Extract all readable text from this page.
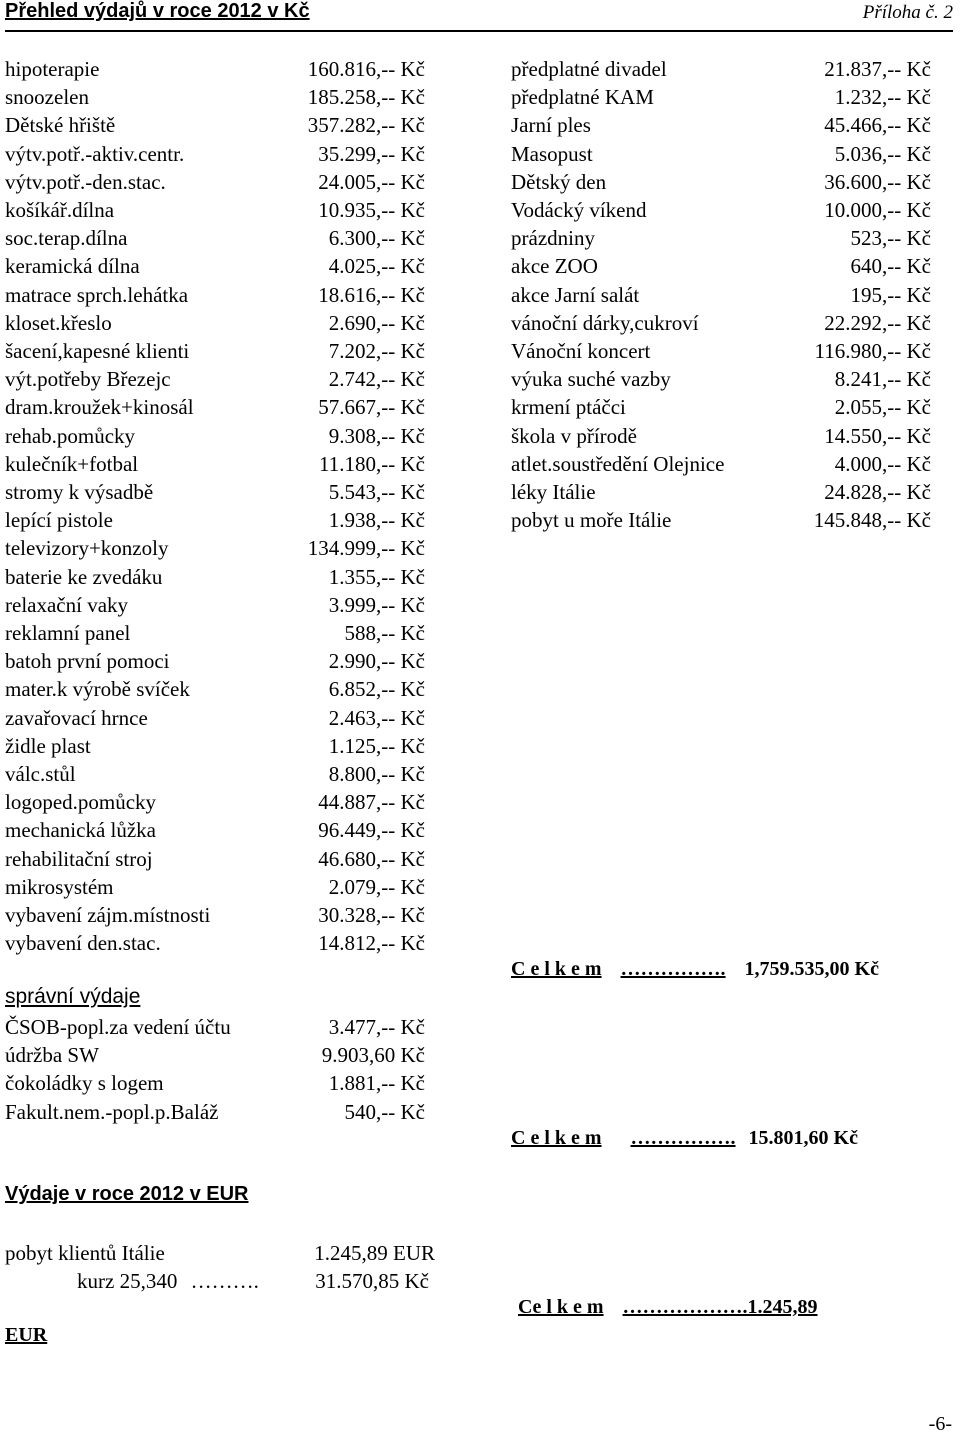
Přehled výdajů v roce 2012 v Kč	Příloha č. 2
hipoterapie	160.816,-- Kč
snoozelen	185.258,-- Kč
Dětské hřiště	357.282,-- Kč
výtv.potř.-aktiv.centr.	35.299,-- Kč
výtv.potř.-den.stac.	24.005,-- Kč
košíkář.dílna	10.935,-- Kč
soc.terap.dílna	6.300,-- Kč
keramická dílna	4.025,-- Kč
matrace sprch.lehátka	18.616,-- Kč
kloset.křeslo	2.690,-- Kč
šacení,kapesné klienti	7.202,-- Kč
výt.potřeby Březejc	2.742,-- Kč
dram.kroužek+kinosál	57.667,-- Kč
rehab.pomůcky	9.308,-- Kč
kulečník+fotbal	11.180,-- Kč
stromy k výsadbě	5.543,-- Kč
lepící pistole	1.938,-- Kč
televizory+konzoly	134.999,-- Kč
baterie ke zvedáku	1.355,-- Kč
relaxační vaky	3.999,-- Kč
reklamní panel	588,-- Kč
batoh první pomoci	2.990,-- Kč
mater.k výrobě svíček	6.852,-- Kč
zavařovací hrnce	2.463,-- Kč
židle plast	1.125,-- Kč
válc.stůl	8.800,-- Kč
logoped.pomůcky	44.887,-- Kč
mechanická lůžka	96.449,-- Kč
rehabilitační stroj	46.680,-- Kč
mikrosystém	2.079,-- Kč
vybavení zájm.místnosti	30.328,-- Kč
vybavení den.stac.	14.812,-- Kč
správní výdaje
ČSOB-popl.za vedení účtu	3.477,-- Kč
údržba SW	9.903,60 Kč
čokoládky s logem	1.881,-- Kč
Fakult.nem.-popl.p.Baláž	540,-- Kč
předplatné divadel	21.837,-- Kč
předplatné KAM	1.232,-- Kč
Jarní ples	45.466,-- Kč
Masopust	5.036,-- Kč
Dětský den	36.600,-- Kč
Vodácký víkend	10.000,-- Kč
prázdniny	523,-- Kč
akce ZOO	640,-- Kč
akce Jarní salát	195,-- Kč
vánoční dárky,cukroví	22.292,-- Kč
Vánoční koncert	116.980,-- Kč
výuka suché vazby	8.241,-- Kč
krmení ptáčci	2.055,-- Kč
škola v přírodě	14.550,-- Kč
atlet.soustředění Olejnice	4.000,-- Kč
léky Itálie	24.828,-- Kč
pobyt u moře Itálie	145.848,-- Kč
C e l k e m ……………. 1,759.535,00 Kč
C e l k e m ……………. 15.801,60 Kč
Výdaje v roce 2012 v EUR
pobyt klientů Itálie	1.245,89 EUR
kurz 25,340 ……….	31.570,85 Kč
EUR
Ce l k e m ……………….1.245,89
-6-
